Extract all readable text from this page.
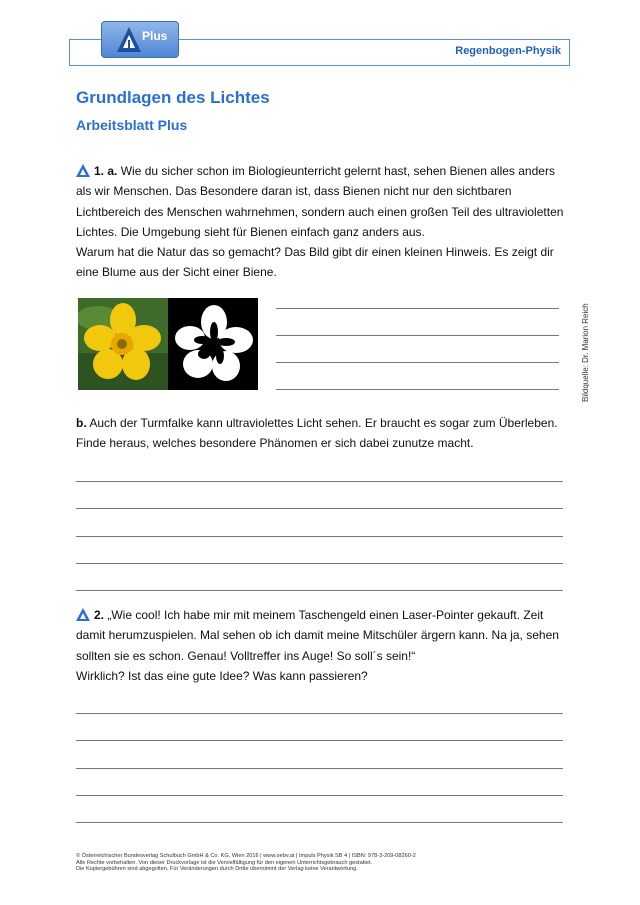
Regenbogen-Physik
Plus
Grundlagen des Lichtes
Arbeitsblatt Plus
1. a. Wie du sicher schon im Biologieunterricht gelernt hast, sehen Bienen alles anders
als wir Menschen. Das Besondere daran ist, dass Bienen nicht nur den sichtbaren
Lichtbereich des Menschen wahrnehmen, sondern auch einen großen Teil des ultravioletten
Lichtes. Die Umgebung sieht für Bienen einfach ganz anders aus.
Warum hat die Natur das so gemacht? Das Bild gibt dir einen kleinen Hinweis. Es zeigt dir
eine Blume aus der Sicht einer Biene.
Bildquelle: Dr. Marion Reich
b. Auch der Turmfalke kann ultraviolettes Licht sehen. Er braucht es sogar zum Überleben.
Finde heraus, welches besondere Phänomen er sich dabei zunutze macht.
2. „Wie cool! Ich habe mir mit meinem Taschengeld einen Laser-Pointer gekauft. Zeit
damit herumzuspielen. Mal sehen ob ich damit meine Mitschüler ärgern kann. Na ja, sehen
sollten sie es schon. Genau! Volltreffer ins Auge! So soll´s sein!“
Wirklich? Ist das eine gute Idee? Was kann passieren?
© Österreichischer Bundesverlag Schulbuch GmbH & Co. KG, Wien 2016 | www.oebv.at | Impuls Physik SB 4 | ISBN: 978-3-209-08260-2
Alle Rechte vorbehalten. Von dieser Druckvorlage ist die Vervielfältigung für den eigenen Unterrichtsgebrauch gestattet.
Die Kopiergebühren sind abgegolten. Für Veränderungen durch Dritte übernimmt der Verlag keine Verantwortung.
